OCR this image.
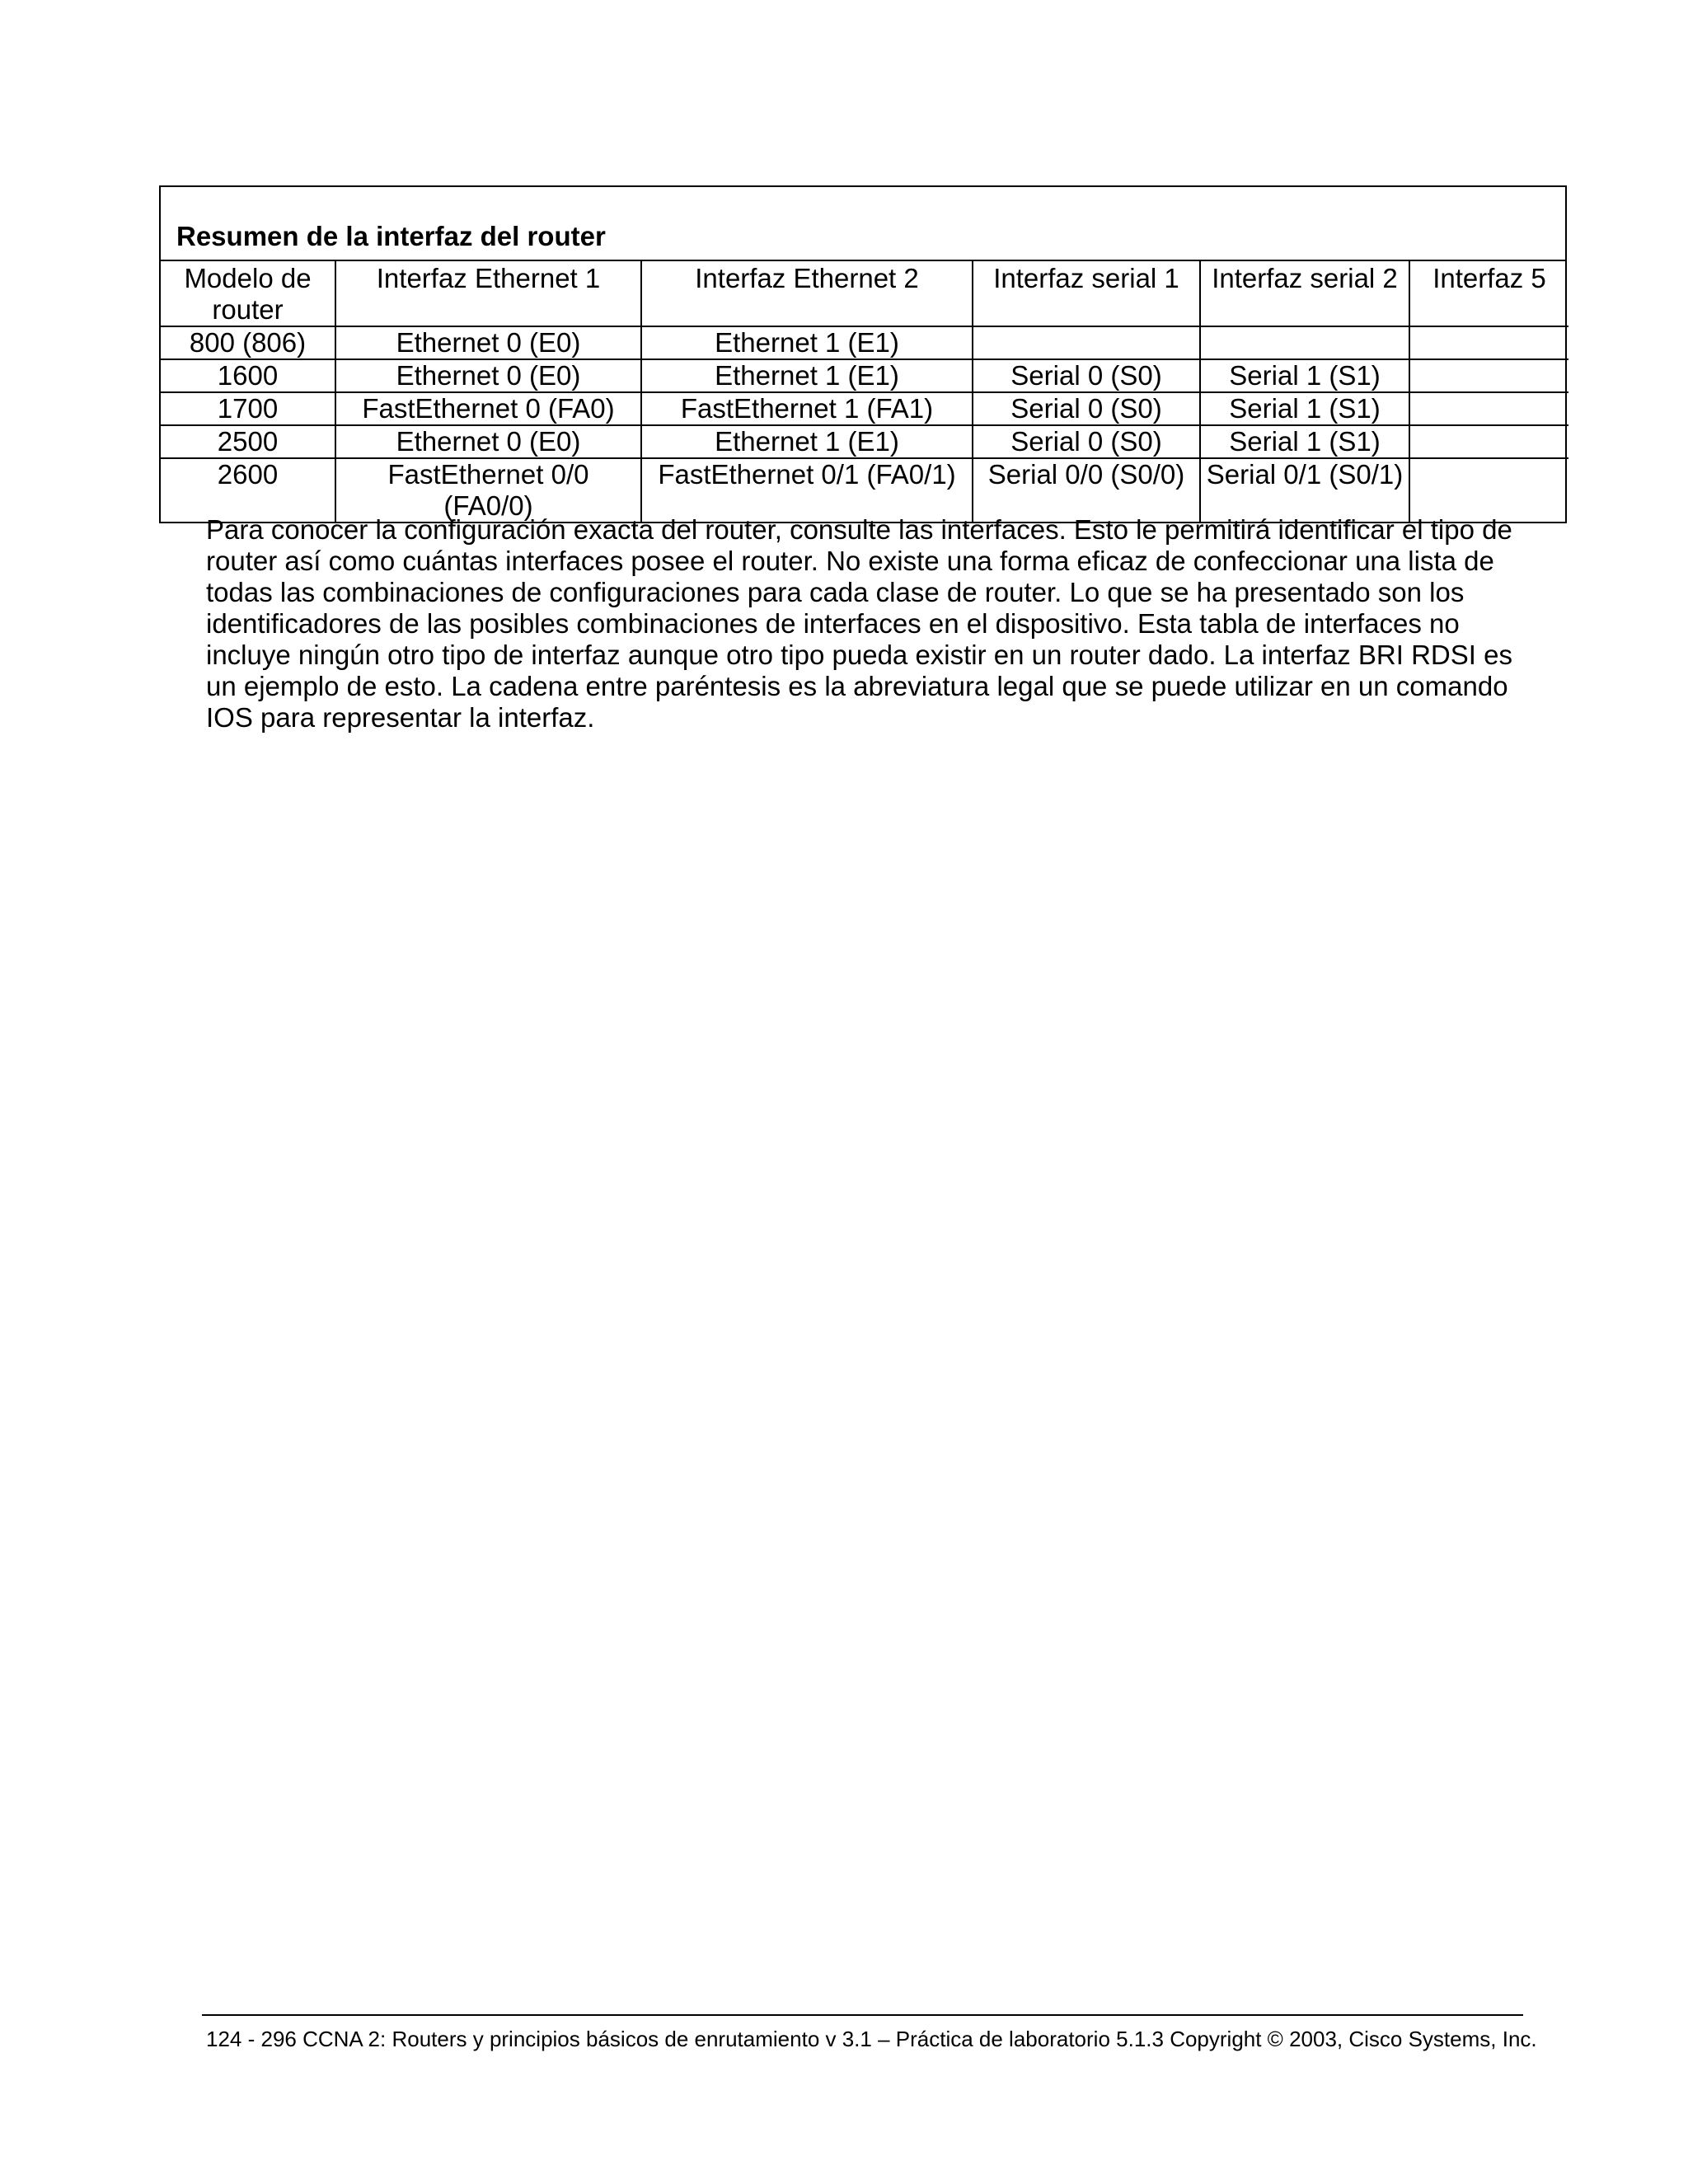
Resumen de la interfaz del router
Modelo de router	Interfaz Ethernet 1	Interfaz Ethernet 2	Interfaz serial 1	Interfaz serial 2	Interfaz 5
800 (806)	Ethernet 0 (E0)	Ethernet 1 (E1)			
1600	Ethernet 0 (E0)	Ethernet 1 (E1)	Serial 0 (S0)	Serial 1 (S1)	
1700	FastEthernet 0 (FA0)	FastEthernet 1 (FA1)	Serial 0 (S0)	Serial 1 (S1)	
2500	Ethernet 0 (E0)	Ethernet 1 (E1)	Serial 0 (S0)	Serial 1 (S1)	
2600	FastEthernet 0/0 (FA0/0)	FastEthernet 0/1 (FA0/1)	Serial 0/0 (S0/0)	Serial 0/1 (S0/1)	
Para conocer la configuración exacta del router, consulte las interfaces. Esto le permitirá identificar el tipo de router así como cuántas interfaces posee el router. No existe una forma eficaz de confeccionar una lista de todas las combinaciones de configuraciones para cada clase de router. Lo que se ha presentado son los identificadores de las posibles combinaciones de interfaces en el dispositivo. Esta tabla de interfaces no incluye ningún otro tipo de interfaz aunque otro tipo pueda existir en un router dado. La interfaz BRI RDSI es un ejemplo de esto. La cadena entre paréntesis es la abreviatura legal que se puede utilizar en un comando IOS para representar la interfaz.
124 - 296 CCNA 2: Routers y principios básicos de enrutamiento v 3.1 – Práctica de laboratorio 5.1.3 Copyright © 2003, Cisco Systems, Inc.
